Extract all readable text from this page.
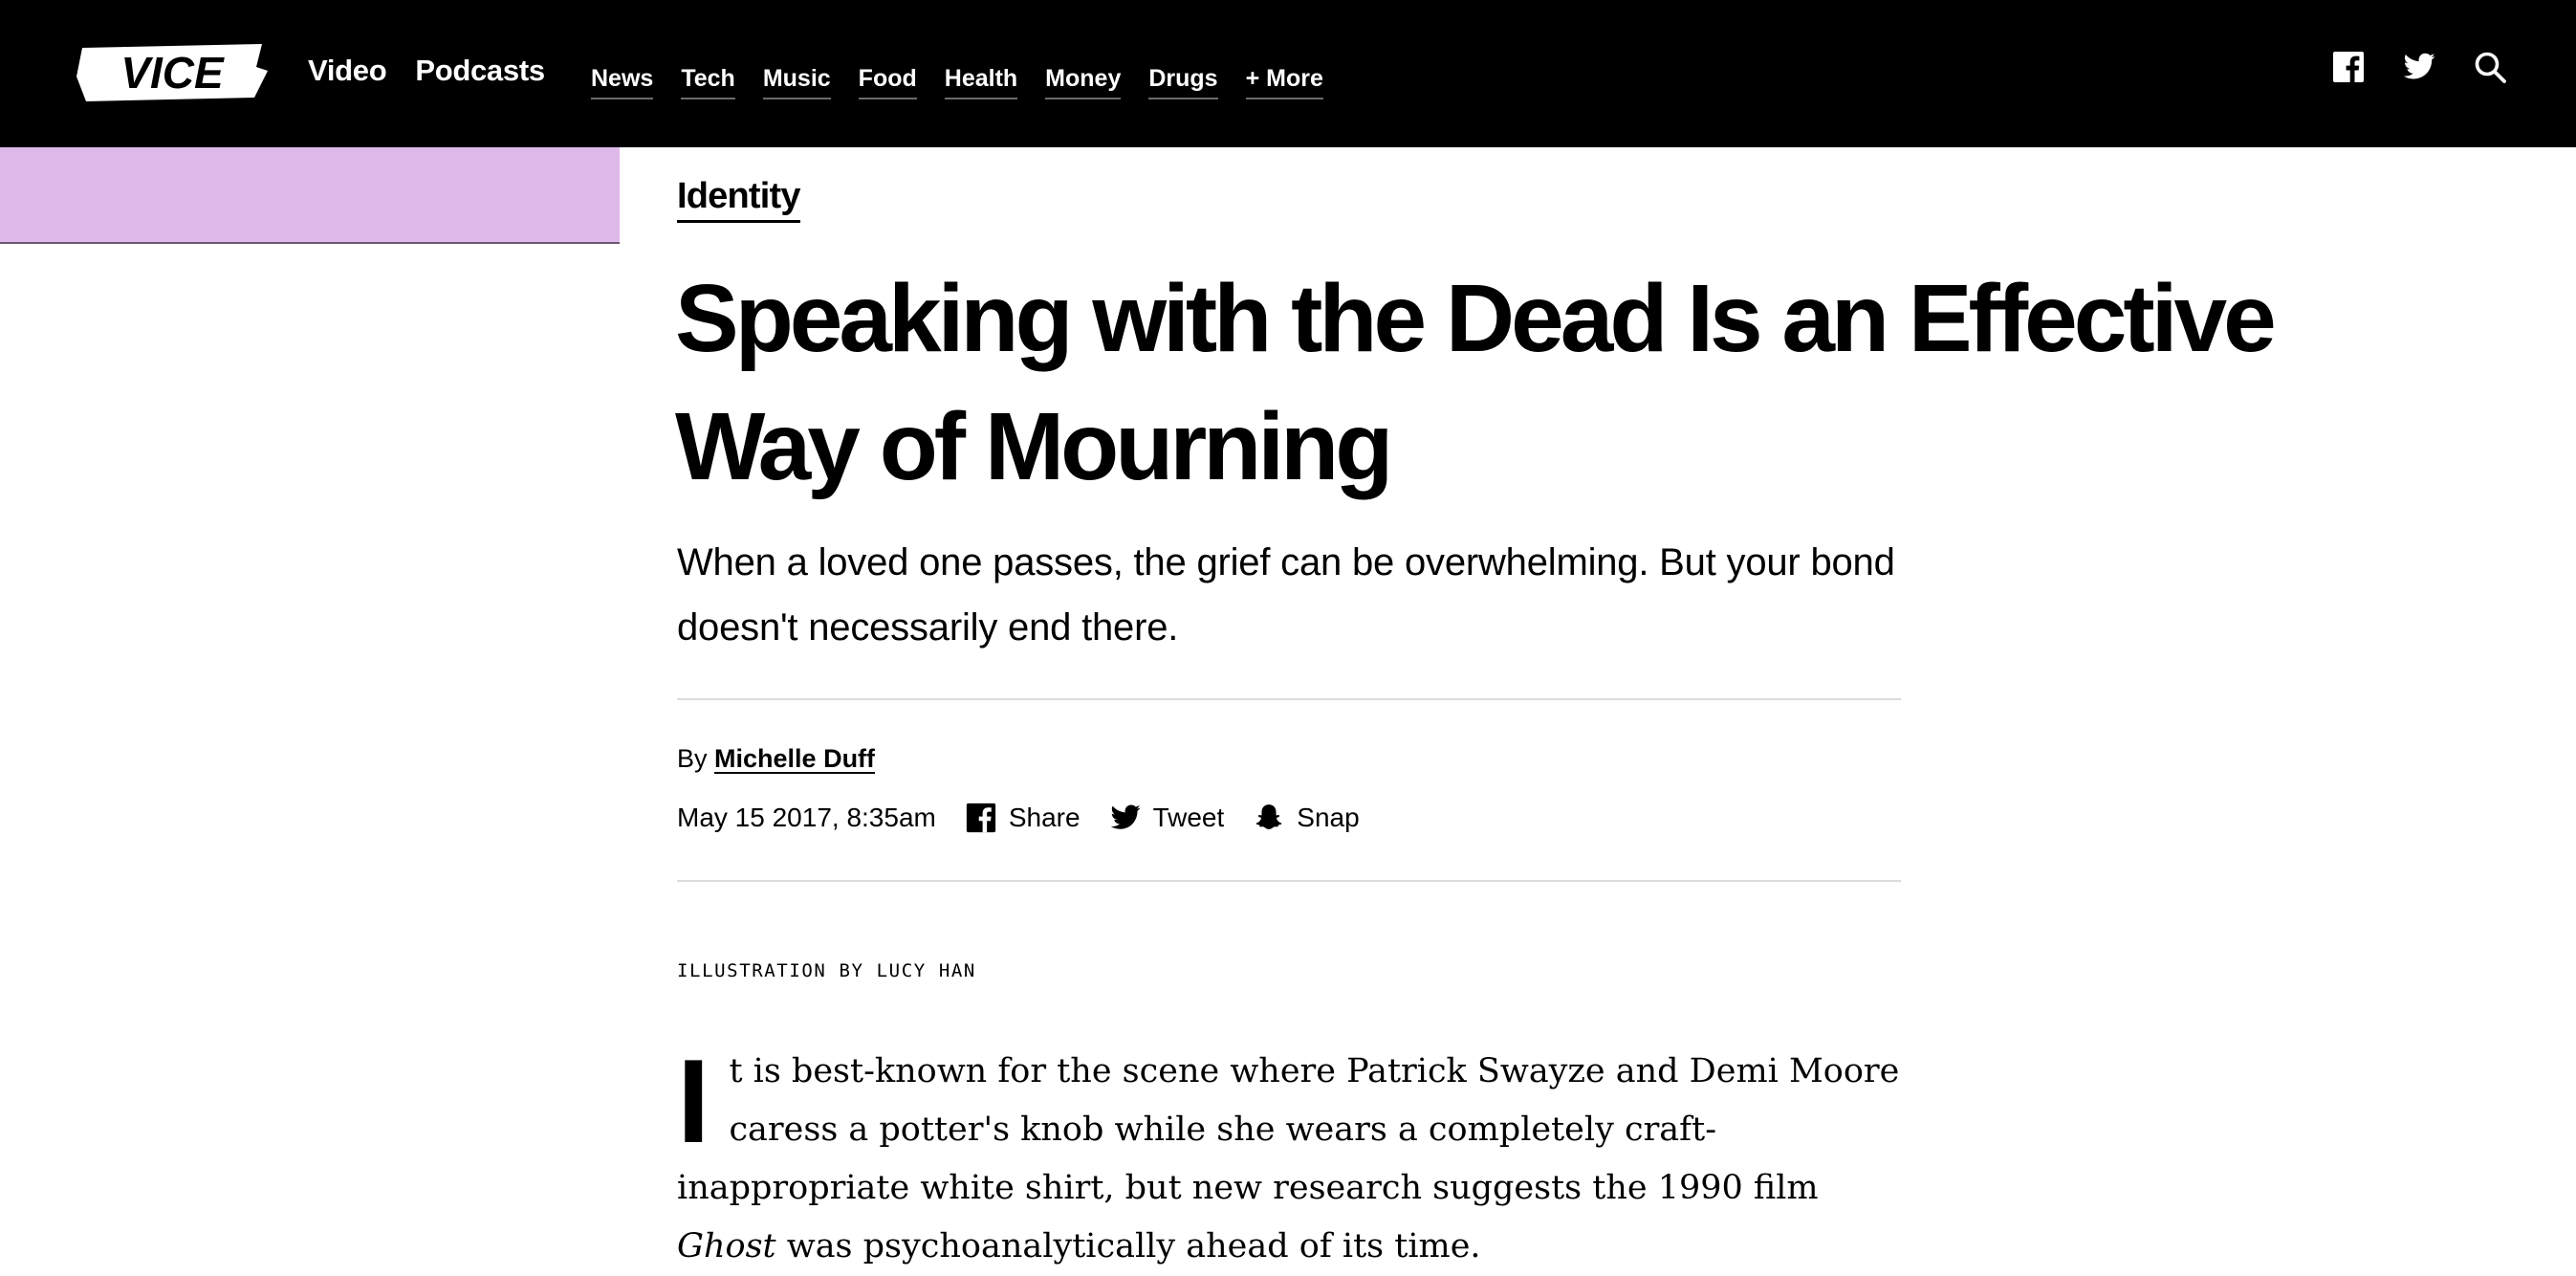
VICE	Video Podcasts News Tech Music Food Health Money Drugs + More
Identity
Speaking with the Dead Is an Effective Way of Mourning

When a loved one passes, the grief can be overwhelming. But your bond doesn't necessarily end there.

By Michelle Duff
May 15 2017, 8:35am	Share	Tweet	Snap
ILLUSTRATION BY LUCY HAN

It is best-known for the scene where Patrick Swayze and Demi Moore caress a potter's knob while she wears a completely craft-inappropriate white shirt, but new research suggests the 1990 film Ghost was psychoanalytically ahead of its time.
